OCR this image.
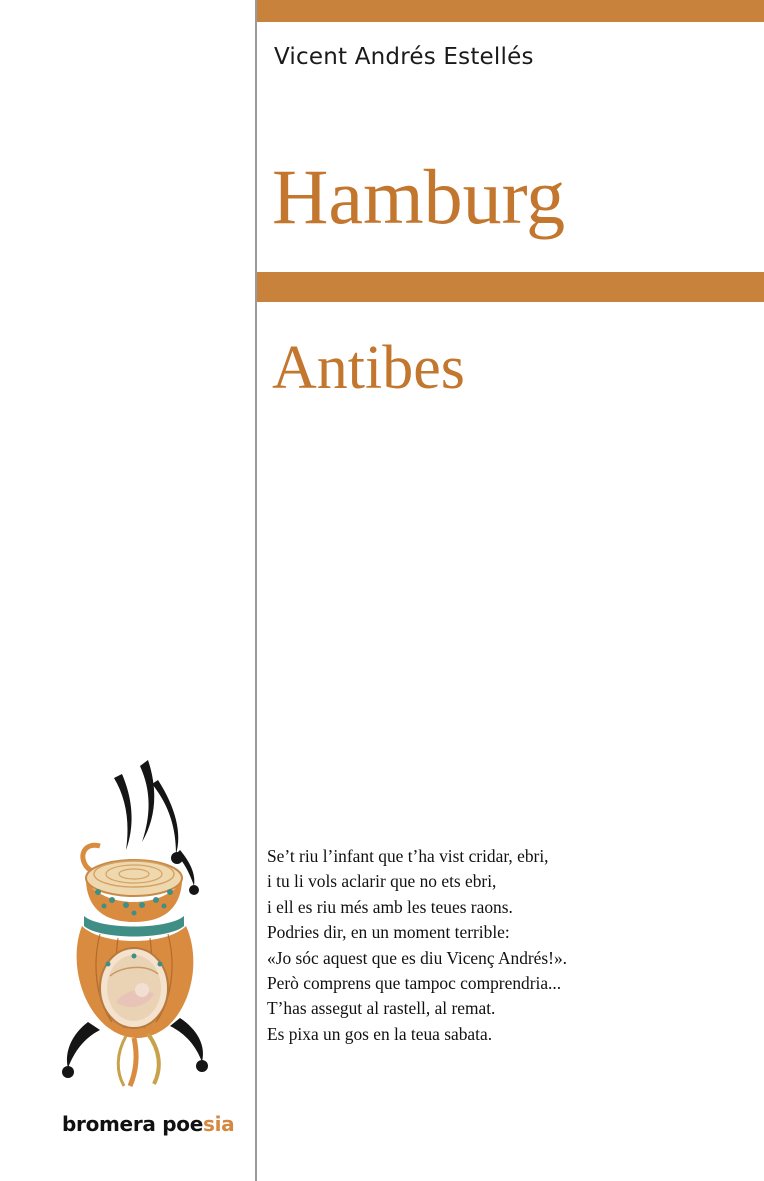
Vicent Andrés Estellés
Hamburg
Antibes
Se’t riu l’infant que t’ha vist cridar, ebri,
i tu li vols aclarir que no ets ebri,
i ell es riu més amb les teues raons.
Podries dir, en un moment terrible:
«Jo sóc aquest que es diu Vicenç Andrés!».
Però comprens que tampoc comprendria...
T’has assegut al rastell, al remat.
Es pixa un gos en la teua sabata.
bromera poesia
